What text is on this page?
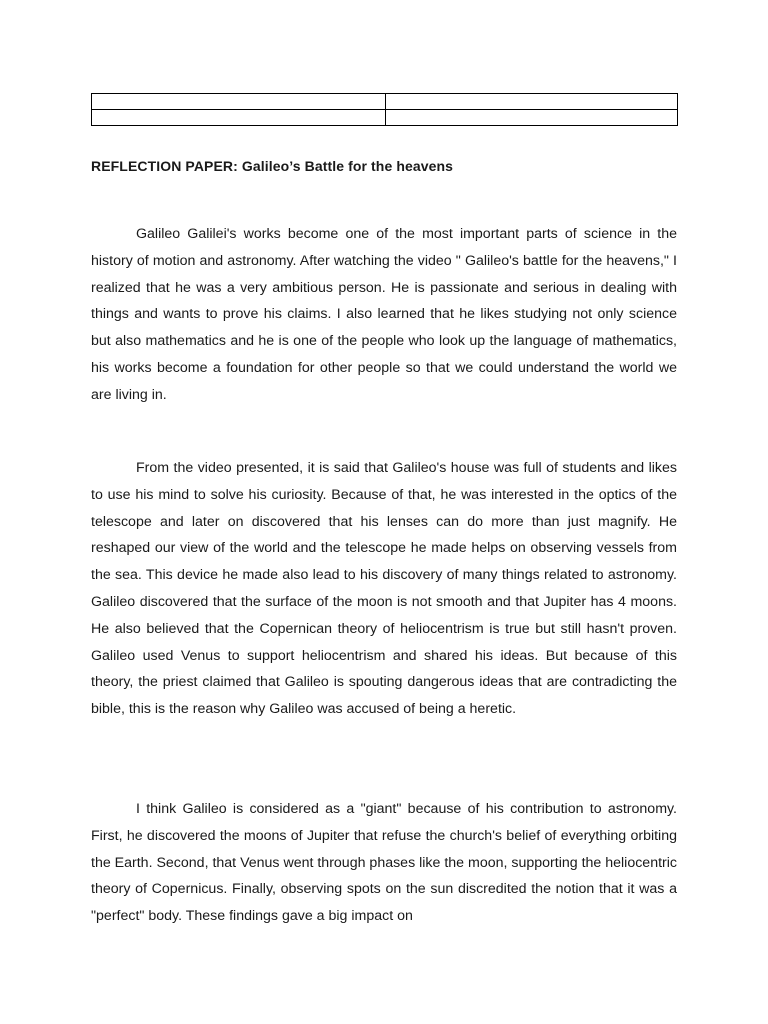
REFLECTION PAPER: Galileo’s Battle for the heavens

Galileo Galilei's works become one of the most important parts of science in the history of motion and astronomy. After watching the video " Galileo's battle for the heavens," I realized that he was a very ambitious person. He is passionate and serious in dealing with things and wants to prove his claims. I also learned that he likes studying not only science but also mathematics and he is one of the people who look up the language of mathematics, his works become a foundation for other people so that we could understand the world we are living in.

From the video presented, it is said that Galileo's house was full of students and likes to use his mind to solve his curiosity. Because of that, he was interested in the optics of the telescope and later on discovered that his lenses can do more than just magnify. He reshaped our view of the world and the telescope he made helps on observing vessels from the sea. This device he made also lead to his discovery of many things related to astronomy. Galileo discovered that the surface of the moon is not smooth and that Jupiter has 4 moons. He also believed that the Copernican theory of heliocentrism is true but still hasn't proven. Galileo used Venus to support heliocentrism and shared his ideas. But because of this theory, the priest claimed that Galileo is spouting dangerous ideas that are contradicting the bible, this is the reason why Galileo was accused of being a heretic.

I think Galileo is considered as a "giant" because of his contribution to astronomy. First, he discovered the moons of Jupiter that refuse the church's belief of everything orbiting the Earth. Second, that Venus went through phases like the moon, supporting the heliocentric theory of Copernicus. Finally, observing spots on the sun discredited the notion that it was a "perfect" body. These findings gave a big impact on
